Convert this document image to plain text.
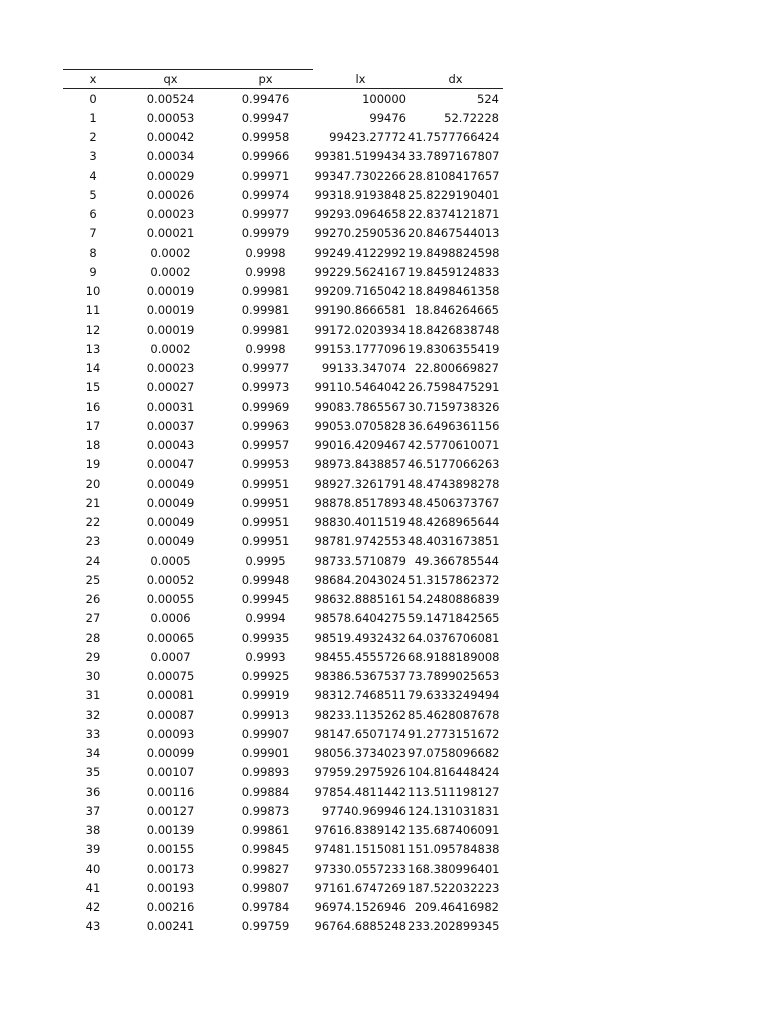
x	qx	px	lx	dx
0	0.00524	0.99476	100000	524
1	0.00053	0.99947	99476	52.72228
2	0.00042	0.99958	99423.27772	41.7577766424
3	0.00034	0.99966	99381.5199434	33.7897167807
4	0.00029	0.99971	99347.7302266	28.8108417657
5	0.00026	0.99974	99318.9193848	25.8229190401
6	0.00023	0.99977	99293.0964658	22.8374121871
7	0.00021	0.99979	99270.2590536	20.8467544013
8	0.0002	0.9998	99249.4122992	19.8498824598
9	0.0002	0.9998	99229.5624167	19.8459124833
10	0.00019	0.99981	99209.7165042	18.8498461358
11	0.00019	0.99981	99190.8666581	18.846264665
12	0.00019	0.99981	99172.0203934	18.8426838748
13	0.0002	0.9998	99153.1777096	19.8306355419
14	0.00023	0.99977	99133.347074	22.800669827
15	0.00027	0.99973	99110.5464042	26.7598475291
16	0.00031	0.99969	99083.7865567	30.7159738326
17	0.00037	0.99963	99053.0705828	36.6496361156
18	0.00043	0.99957	99016.4209467	42.5770610071
19	0.00047	0.99953	98973.8438857	46.5177066263
20	0.00049	0.99951	98927.3261791	48.4743898278
21	0.00049	0.99951	98878.8517893	48.4506373767
22	0.00049	0.99951	98830.4011519	48.4268965644
23	0.00049	0.99951	98781.9742553	48.4031673851
24	0.0005	0.9995	98733.5710879	49.366785544
25	0.00052	0.99948	98684.2043024	51.3157862372
26	0.00055	0.99945	98632.8885161	54.2480886839
27	0.0006	0.9994	98578.6404275	59.1471842565
28	0.00065	0.99935	98519.4932432	64.0376706081
29	0.0007	0.9993	98455.4555726	68.9188189008
30	0.00075	0.99925	98386.5367537	73.7899025653
31	0.00081	0.99919	98312.7468511	79.6333249494
32	0.00087	0.99913	98233.1135262	85.4628087678
33	0.00093	0.99907	98147.6507174	91.2773151672
34	0.00099	0.99901	98056.3734023	97.0758096682
35	0.00107	0.99893	97959.2975926	104.816448424
36	0.00116	0.99884	97854.4811442	113.511198127
37	0.00127	0.99873	97740.969946	124.131031831
38	0.00139	0.99861	97616.8389142	135.687406091
39	0.00155	0.99845	97481.1515081	151.095784838
40	0.00173	0.99827	97330.0557233	168.380996401
41	0.00193	0.99807	97161.6747269	187.522032223
42	0.00216	0.99784	96974.1526946	209.46416982
43	0.00241	0.99759	96764.6885248	233.202899345
